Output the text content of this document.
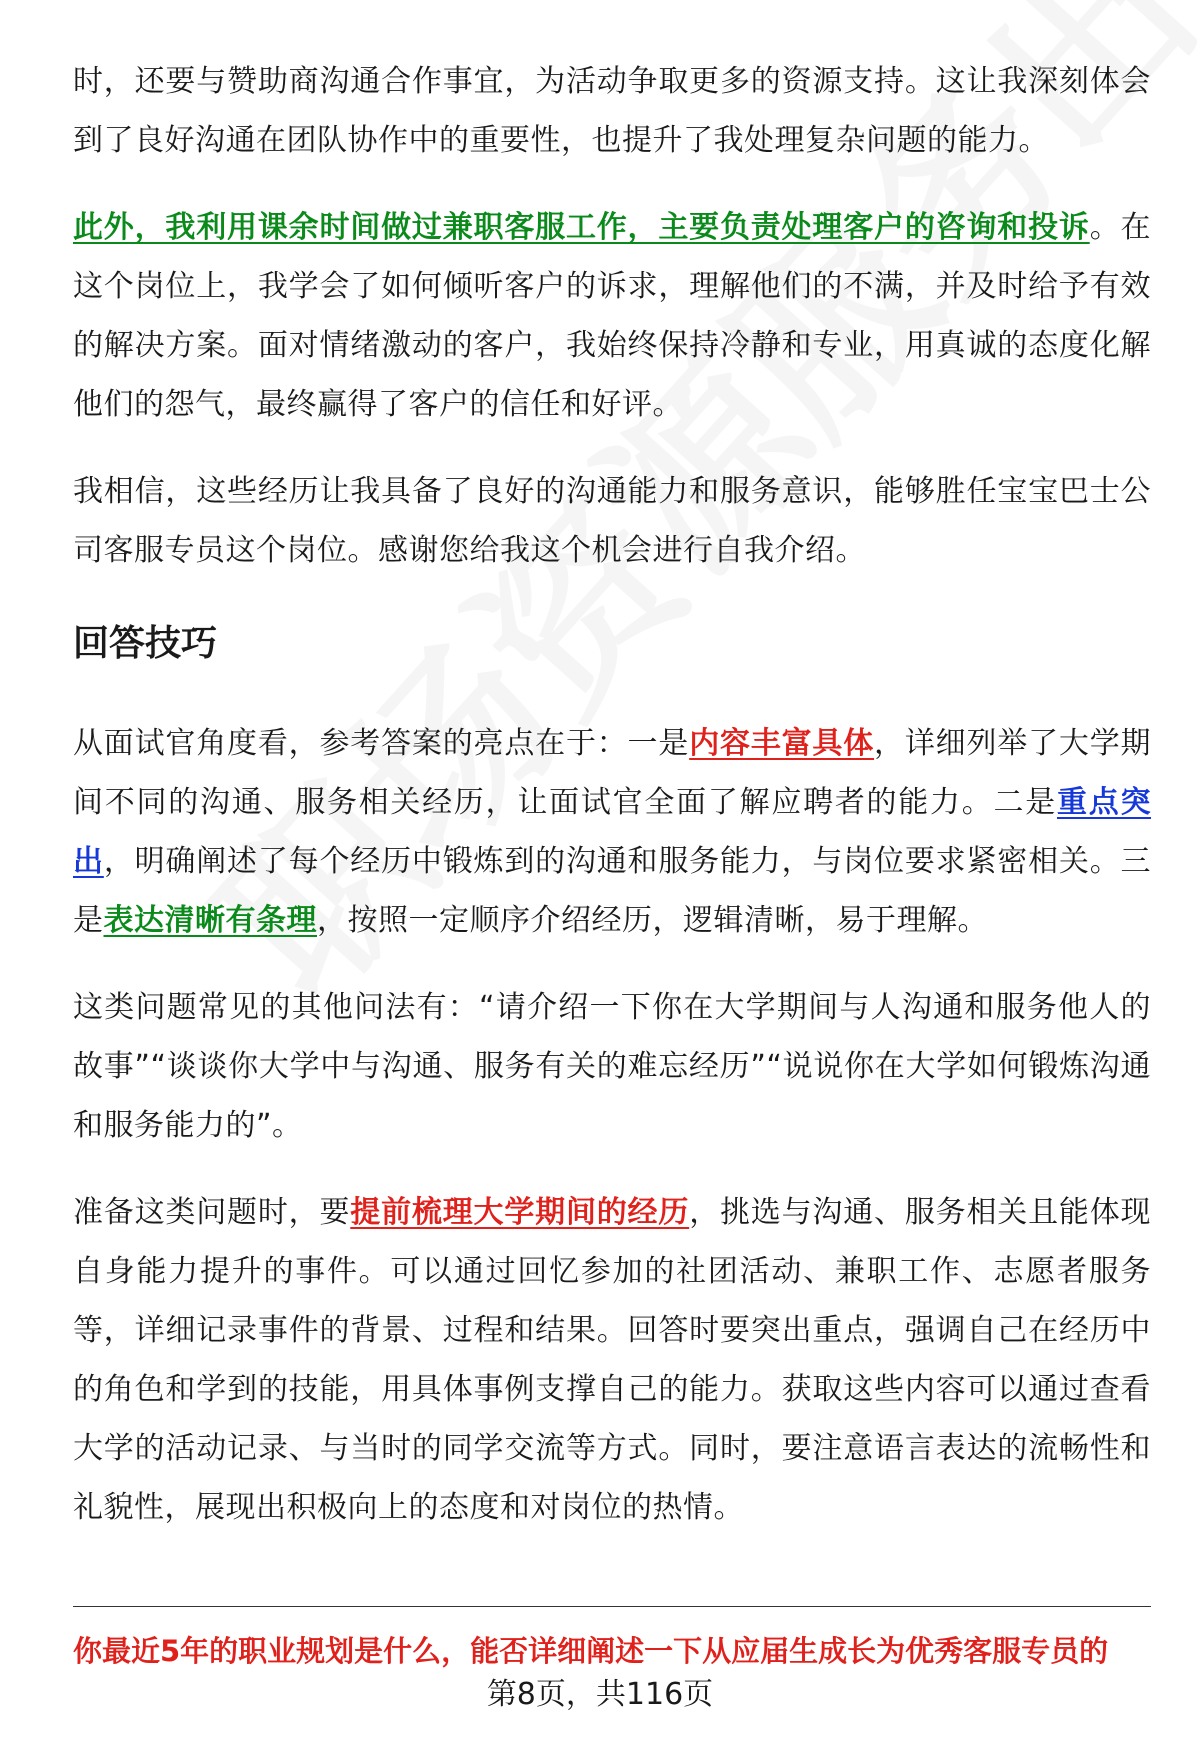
时，还要与赞助商沟通合作事宜，为活动争取更多的资源支持。这让我深刻体会到了良好沟通在团队协作中的重要性，也提升了我处理复杂问题的能力。

此外，我利用课余时间做过兼职客服工作，主要负责处理客户的咨询和投诉。在这个岗位上，我学会了如何倾听客户的诉求，理解他们的不满，并及时给予有效的解决方案。面对情绪激动的客户，我始终保持冷静和专业，用真诚的态度化解他们的怨气，最终赢得了客户的信任和好评。

我相信，这些经历让我具备了良好的沟通能力和服务意识，能够胜任宝宝巴士公司客服专员这个岗位。感谢您给我这个机会进行自我介绍。

回答技巧

从面试官角度看，参考答案的亮点在于：一是内容丰富具体，详细列举了大学期间不同的沟通、服务相关经历，让面试官全面了解应聘者的能力。二是重点突出，明确阐述了每个经历中锻炼到的沟通和服务能力，与岗位要求紧密相关。三是表达清晰有条理，按照一定顺序介绍经历，逻辑清晰，易于理解。

这类问题常见的其他问法有：“请介绍一下你在大学期间与人沟通和服务他人的故事”“谈谈你大学中与沟通、服务有关的难忘经历”“说说你在大学如何锻炼沟通和服务能力的”。

准备这类问题时，要提前梳理大学期间的经历，挑选与沟通、服务相关且能体现自身能力提升的事件。可以通过回忆参加的社团活动、兼职工作、志愿者服务等，详细记录事件的背景、过程和结果。回答时要突出重点，强调自己在经历中的角色和学到的技能，用具体事例支撑自己的能力。获取这些内容可以通过查看大学的活动记录、与当时的同学交流等方式。同时，要注意语言表达的流畅性和礼貌性，展现出积极向上的态度和对岗位的热情。

你最近5年的职业规划是什么，能否详细阐述一下从应届生成长为优秀客服专员的
第8页，共116页
